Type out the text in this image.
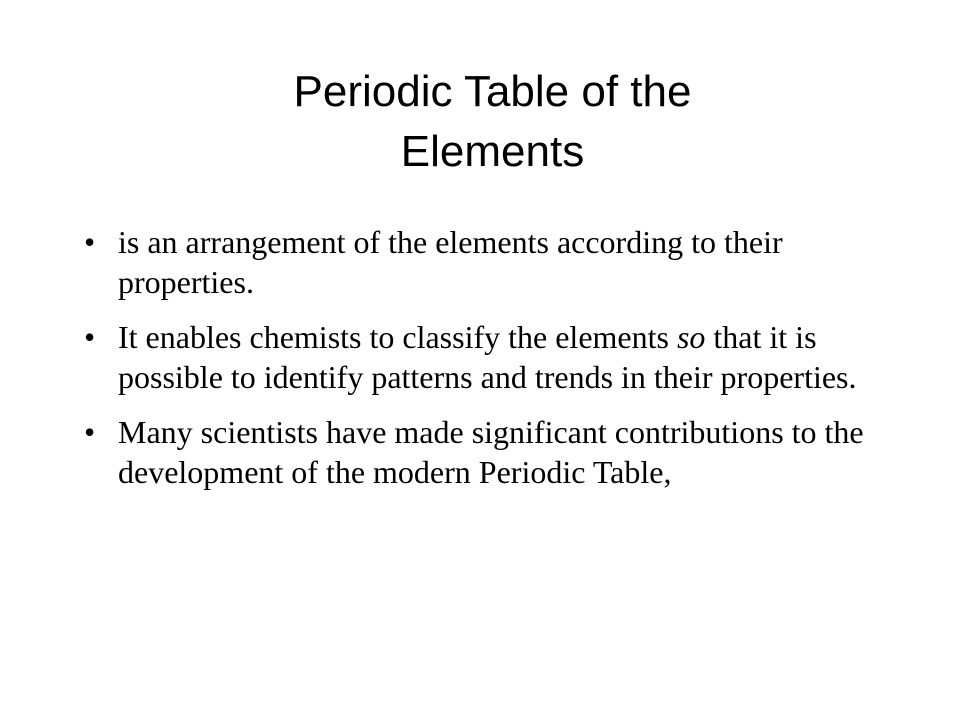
Periodic Table of the
Elements
• is an arrangement of the elements according to their properties.
• It enables chemists to classify the elements so that it is possible to identify patterns and trends in their properties.
• Many scientists have made significant contributions to the development of the modern Periodic Table,
